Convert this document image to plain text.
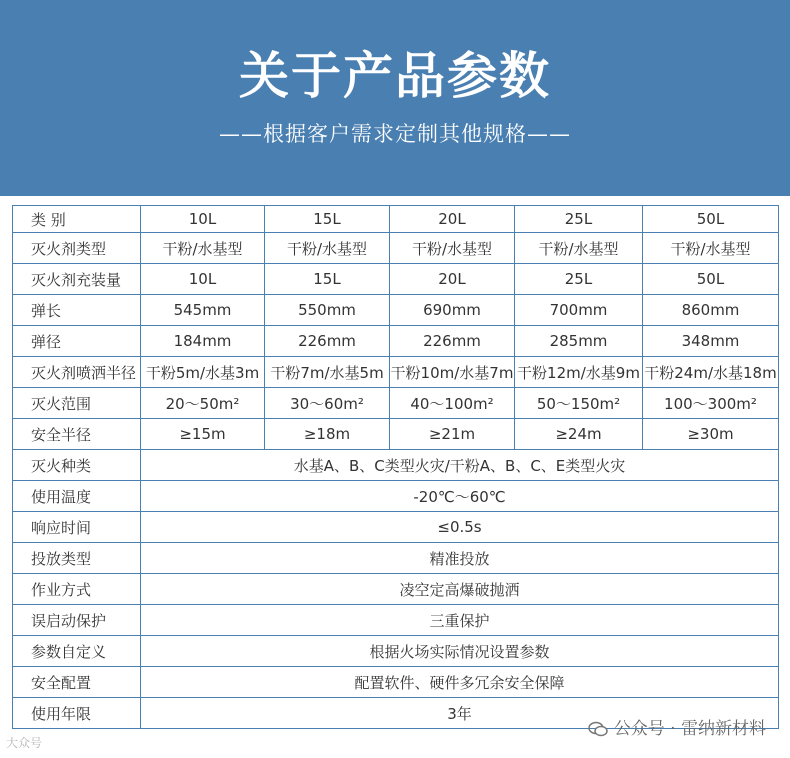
关于产品参数
——根据客户需求定制其他规格——
类 别	10L	15L	20L	25L	50L
灭火剂类型	干粉/水基型	干粉/水基型	干粉/水基型	干粉/水基型	干粉/水基型
灭火剂充装量	10L	15L	20L	25L	50L
弹长	545mm	550mm	690mm	700mm	860mm
弹径	184mm	226mm	226mm	285mm	348mm
灭火剂喷洒半径	干粉5m/水基3m	干粉7m/水基5m	干粉10m/水基7m	干粉12m/水基9m	干粉24m/水基18m
灭火范围	20～50m²	30～60m²	40～100m²	50～150m²	100～300m²
安全半径	≥15m	≥18m	≥21m	≥24m	≥30m
灭火种类	水基A、B、C类型火灾/干粉A、B、C、E类型火灾				
使用温度	-20℃～60℃				
响应时间	≤0.5s				
投放类型	精准投放				
作业方式	凌空定高爆破抛洒				
误启动保护	三重保护				
参数自定义	根据火场实际情况设置参数				
安全配置	配置软件、硬件多冗余安全保障				
使用年限	3年				
公众号 · 雷纳新材料
大众号
